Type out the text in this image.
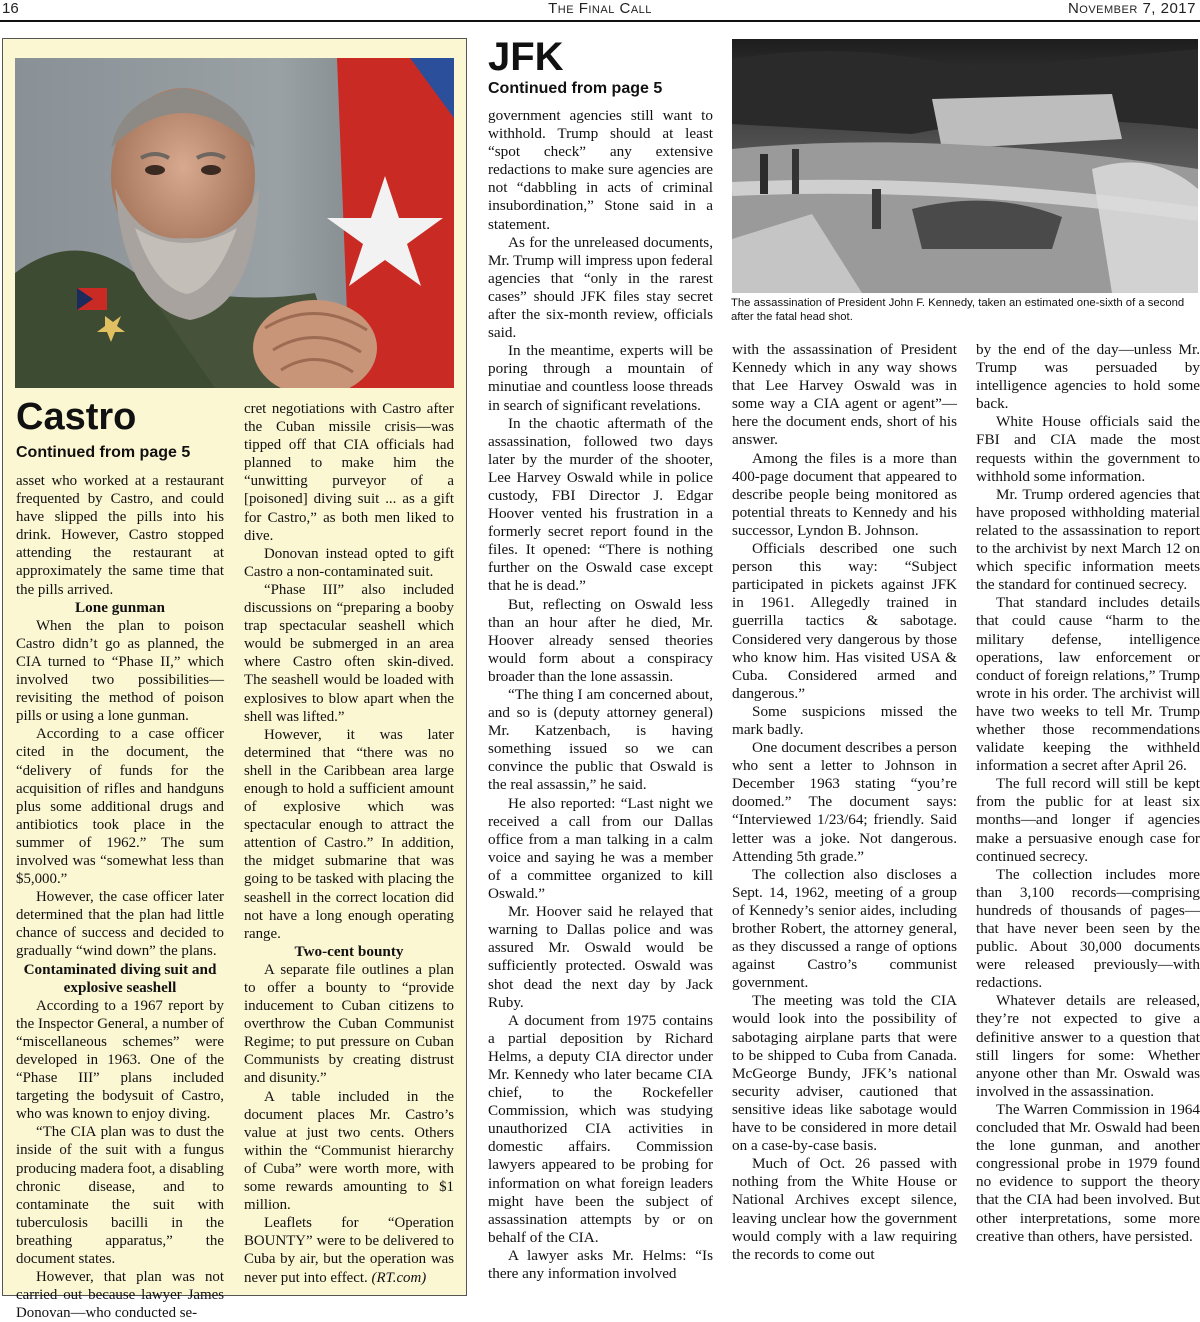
16	The Final Call	November 7, 2017
Castro
Continued from page 5

asset who worked at a restaurant frequented by Castro, and could have slipped the pills into his drink. However, Castro stopped attending the restaurant at approximately the same time that the pills arrived.

Lone gunman

When the plan to poison Castro didn’t go as planned, the CIA turned to “Phase II,” which involved two possibilities—revisiting the method of poison pills or using a lone gunman.

According to a case officer cited in the document, the “delivery of funds for the acquisition of rifles and handguns plus some additional drugs and antibiotics took place in the summer of 1962.” The sum involved was “somewhat less than $5,000.”

However, the case officer later determined that the plan had little chance of success and decided to gradually “wind down” the plans.

Contaminated diving suit and explosive seashell

According to a 1967 report by the Inspector General, a number of “miscellaneous schemes” were developed in 1963. One of the “Phase III” plans included targeting the bodysuit of Castro, who was known to enjoy diving.

“The CIA plan was to dust the inside of the suit with a fungus producing madera foot, a disabling chronic disease, and to contaminate the suit with tuberculosis bacilli in the breathing apparatus,” the document states.

However, that plan was not carried out because lawyer James Donovan—who conducted se-

cret negotiations with Castro after the Cuban missile crisis—was tipped off that CIA officials had planned to make him the “unwitting purveyor of a [poisoned] diving suit ... as a gift for Castro,” as both men liked to dive.

Donovan instead opted to gift Castro a non-contaminated suit.

“Phase III” also included discussions on “preparing a booby trap spectacular seashell which would be submerged in an area where Castro often skin-dived. The seashell would be loaded with explosives to blow apart when the shell was lifted.”

However, it was later determined that “there was no shell in the Caribbean area large enough to hold a sufficient amount of explosive which was spectacular enough to attract the attention of Castro.” In addition, the midget submarine that was going to be tasked with placing the seashell in the correct location did not have a long enough operating range.

Two-cent bounty

A separate file outlines a plan to offer a bounty to “provide inducement to Cuban citizens to overthrow the Cuban Communist Regime; to put pressure on Cuban Communists by creating distrust and disunity.”

A table included in the document places Mr. Castro’s value at just two cents. Others within the “Communist hierarchy of Cuba” were worth more, with some rewards amounting to $1 million.

Leaflets for “Operation BOUNTY” were to be delivered to Cuba by air, but the operation was never put into effect. (RT.com)

JFK
Continued from page 5
The assassination of President John F. Kennedy, taken an estimated one-sixth of a second after the fatal head shot.

government agencies still want to withhold. Trump should at least “spot check” any extensive redactions to make sure agencies are not “dabbling in acts of criminal insubordination,” Stone said in a statement.

As for the unreleased documents, Mr. Trump will impress upon federal agencies that “only in the rarest cases” should JFK files stay secret after the six-month review, officials said.

In the meantime, experts will be poring through a mountain of minutiae and countless loose threads in search of significant revelations.

In the chaotic aftermath of the assassination, followed two days later by the murder of the shooter, Lee Harvey Oswald while in police custody, FBI Director J. Edgar Hoover vented his frustration in a formerly secret report found in the files. It opened: “There is nothing further on the Oswald case except that he is dead.”

But, reflecting on Oswald less than an hour after he died, Mr. Hoover already sensed theories would form about a conspiracy broader than the lone assassin.

“The thing I am concerned about, and so is (deputy attorney general) Mr. Katzenbach, is having something issued so we can convince the public that Oswald is the real assassin,” he said.

He also reported: “Last night we received a call from our Dallas office from a man talking in a calm voice and saying he was a member of a committee organized to kill Oswald.”

Mr. Hoover said he relayed that warning to Dallas police and was assured Mr. Oswald would be sufficiently protected. Oswald was shot dead the next day by Jack Ruby.

A document from 1975 contains a partial deposition by Richard Helms, a deputy CIA director under Mr. Kennedy who later became CIA chief, to the Rockefeller Commission, which was studying unauthorized CIA activities in domestic affairs. Commission lawyers appeared to be probing for information on what foreign leaders might have been the subject of assassination attempts by or on behalf of the CIA.

A lawyer asks Mr. Helms: “Is there any information involved

with the assassination of President Kennedy which in any way shows that Lee Harvey Oswald was in some way a CIA agent or agent”—here the document ends, short of his answer.

Among the files is a more than 400-page document that appeared to describe people being monitored as potential threats to Kennedy and his successor, Lyndon B. Johnson.

Officials described one such person this way: “Subject participated in pickets against JFK in 1961. Allegedly trained in guerrilla tactics & sabotage. Considered very dangerous by those who know him. Has visited USA & Cuba. Considered armed and dangerous.”

Some suspicions missed the mark badly.

One document describes a person who sent a letter to Johnson in December 1963 stating “you’re doomed.” The document says: “Interviewed 1/23/64; friendly. Said letter was a joke. Not dangerous. Attending 5th grade.”

The collection also discloses a Sept. 14, 1962, meeting of a group of Kennedy’s senior aides, including brother Robert, the attorney general, as they discussed a range of options against Castro’s communist government.

The meeting was told the CIA would look into the possibility of sabotaging airplane parts that were to be shipped to Cuba from Canada. McGeorge Bundy, JFK’s national security adviser, cautioned that sensitive ideas like sabotage would have to be considered in more detail on a case-by-case basis.

Much of Oct. 26 passed with nothing from the White House or National Archives except silence, leaving unclear how the government would comply with a law requiring the records to come out

by the end of the day—unless Mr. Trump was persuaded by intelligence agencies to hold some back.

White House officials said the FBI and CIA made the most requests within the government to withhold some information.

Mr. Trump ordered agencies that have proposed withholding material related to the assassination to report to the archivist by next March 12 on which specific information meets the standard for continued secrecy.

That standard includes details that could cause “harm to the military defense, intelligence operations, law enforcement or conduct of foreign relations,” Trump wrote in his order. The archivist will have two weeks to tell Mr. Trump whether those recommendations validate keeping the withheld information a secret after April 26.

The full record will still be kept from the public for at least six months—and longer if agencies make a persuasive enough case for continued secrecy.

The collection includes more than 3,100 records—comprising hundreds of thousands of pages—that have never been seen by the public. About 30,000 documents were released previously—with redactions.

Whatever details are released, they’re not expected to give a definitive answer to a question that still lingers for some: Whether anyone other than Mr. Oswald was involved in the assassination.

The Warren Commission in 1964 concluded that Mr. Oswald had been the lone gunman, and another congressional probe in 1979 found no evidence to support the theory that the CIA had been involved. But other interpretations, some more creative than others, have persisted.
